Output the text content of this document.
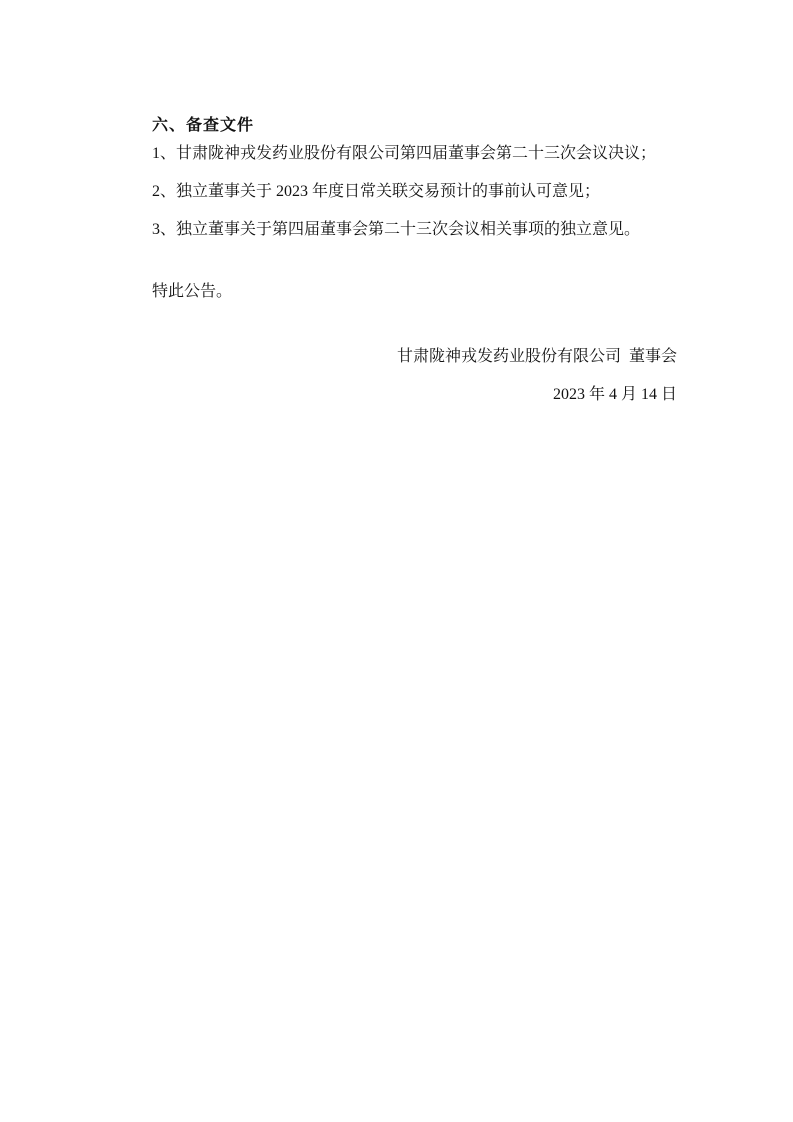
六、备查文件
1、甘肃陇神戎发药业股份有限公司第四届董事会第二十三次会议决议；
2、独立董事关于 2023 年度日常关联交易预计的事前认可意见；
3、独立董事关于第四届董事会第二十三次会议相关事项的独立意见。
特此公告。
甘肃陇神戎发药业股份有限公司  董事会
2023 年 4 月 14 日
